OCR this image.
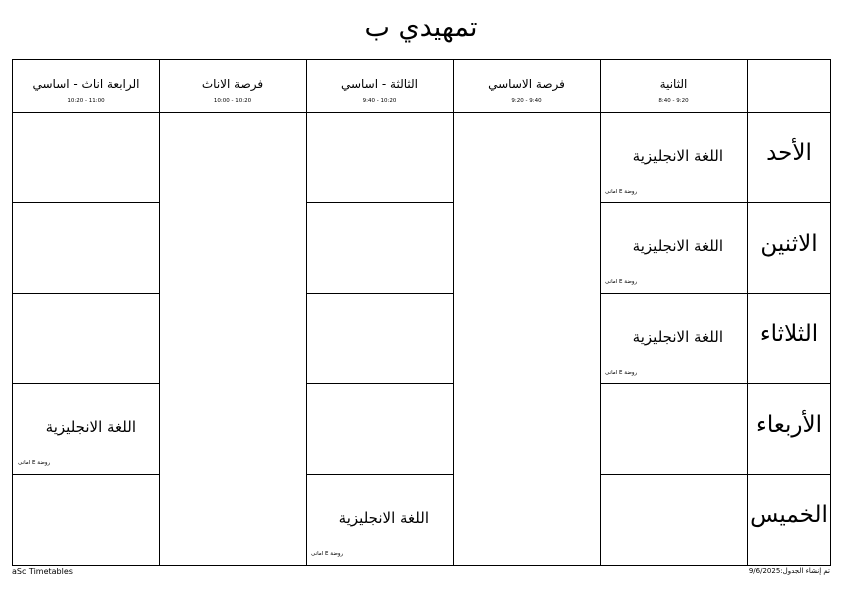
تمهيدي ب
الثانية
8:40 - 9:20
فرصة الاساسي
9:20 - 9:40
الثالثة - اساسي
9:40 - 10:20
فرصة الاناث
10:00 - 10:20
الرابعة اناث - اساسي
10:20 - 11:00
الأحد
الاثنين
الثلاثاء
الأربعاء
الخميس
اللغة الانجليزية
روضة E امانى
اللغة الانجليزية
روضة E امانى
اللغة الانجليزية
روضة E امانى
اللغة الانجليزية
روضة E امانى
اللغة الانجليزية
روضة E امانى
aSc Timetables	تم إنشاء الجدول:9/6/2025
